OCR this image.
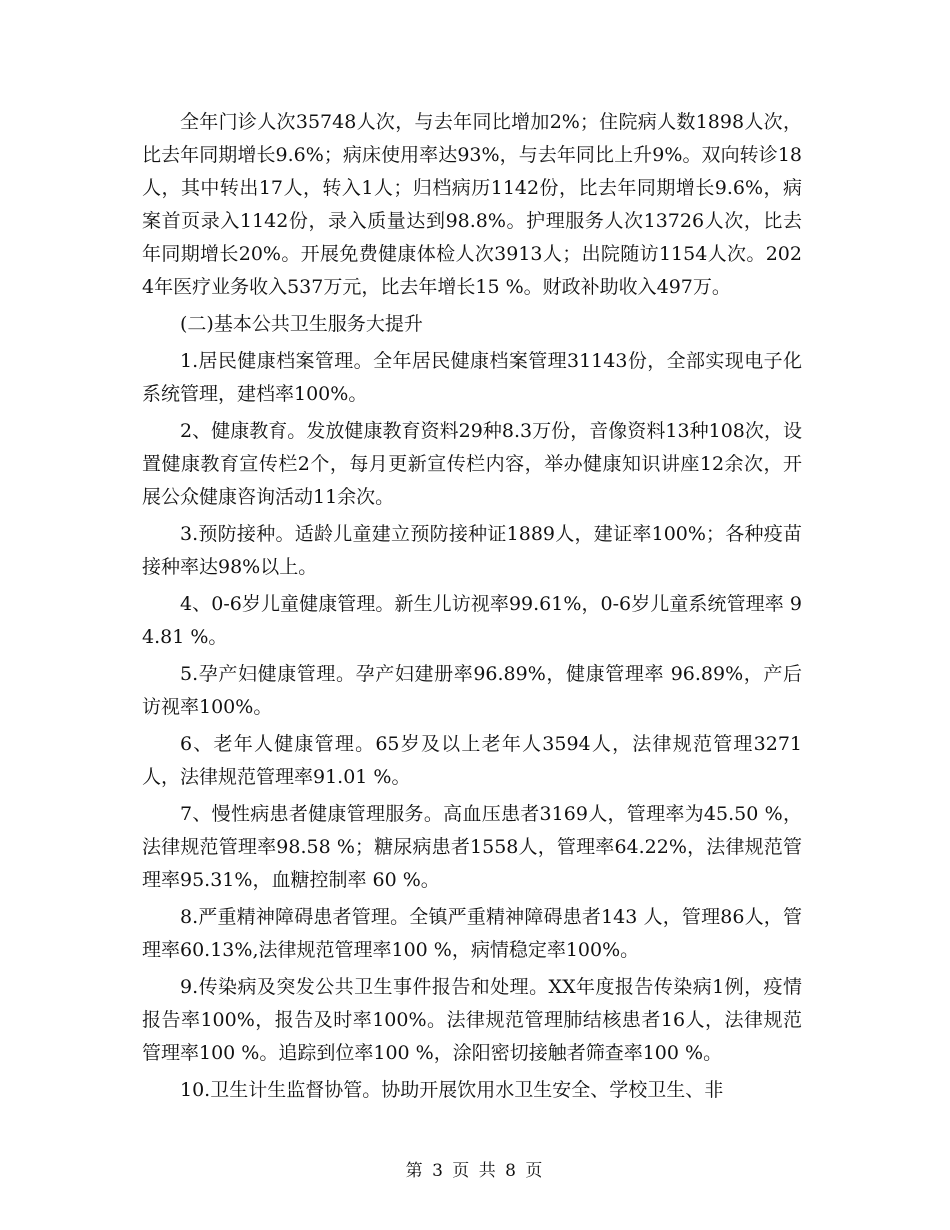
全年门诊人次35748人次，与去年同比增加2%；住院病人数1898人次，比去年同期增长9.6%；病床使用率达93%，与去年同比上升9%。双向转诊18人，其中转出17人，转入1人；归档病历1142份，比去年同期增长9.6%，病案首页录入1142份，录入质量达到98.8%。护理服务人次13726人次，比去年同期增长20%。开展免费健康体检人次3913人；出院随访1154人次。2024年医疗业务收入537万元，比去年增长15 %。财政补助收入497万。

(二)基本公共卫生服务大提升

1.居民健康档案管理。全年居民健康档案管理31143份，全部实现电子化系统管理，建档率100%。

2、健康教育。发放健康教育资料29种8.3万份，音像资料13种108次，设置健康教育宣传栏2个，每月更新宣传栏内容，举办健康知识讲座12余次，开展公众健康咨询活动11余次。

3.预防接种。适龄儿童建立预防接种证1889人，建证率100%；各种疫苗接种率达98%以上。

4、0-6岁儿童健康管理。新生儿访视率99.61%，0-6岁儿童系统管理率 94.81 %。

5.孕产妇健康管理。孕产妇建册率96.89%，健康管理率 96.89%，产后访视率100%。

6、老年人健康管理。65岁及以上老年人3594人，法律规范管理3271人，法律规范管理率91.01 %。

7、慢性病患者健康管理服务。高血压患者3169人，管理率为45.50 %，法律规范管理率98.58 %；糖尿病患者1558人，管理率64.22%，法律规范管理率95.31%，血糖控制率 60 %。

8.严重精神障碍患者管理。全镇严重精神障碍患者143 人，管理86人，管理率60.13%,法律规范管理率100 %，病情稳定率100%。

9.传染病及突发公共卫生事件报告和处理。XX年度报告传染病1例，疫情报告率100%，报告及时率100%。法律规范管理肺结核患者16人，法律规范管理率100 %。追踪到位率100 %，涂阳密切接触者筛查率100 %。

10.卫生计生监督协管。协助开展饮用水卫生安全、学校卫生、非

第 3 页 共 8 页
